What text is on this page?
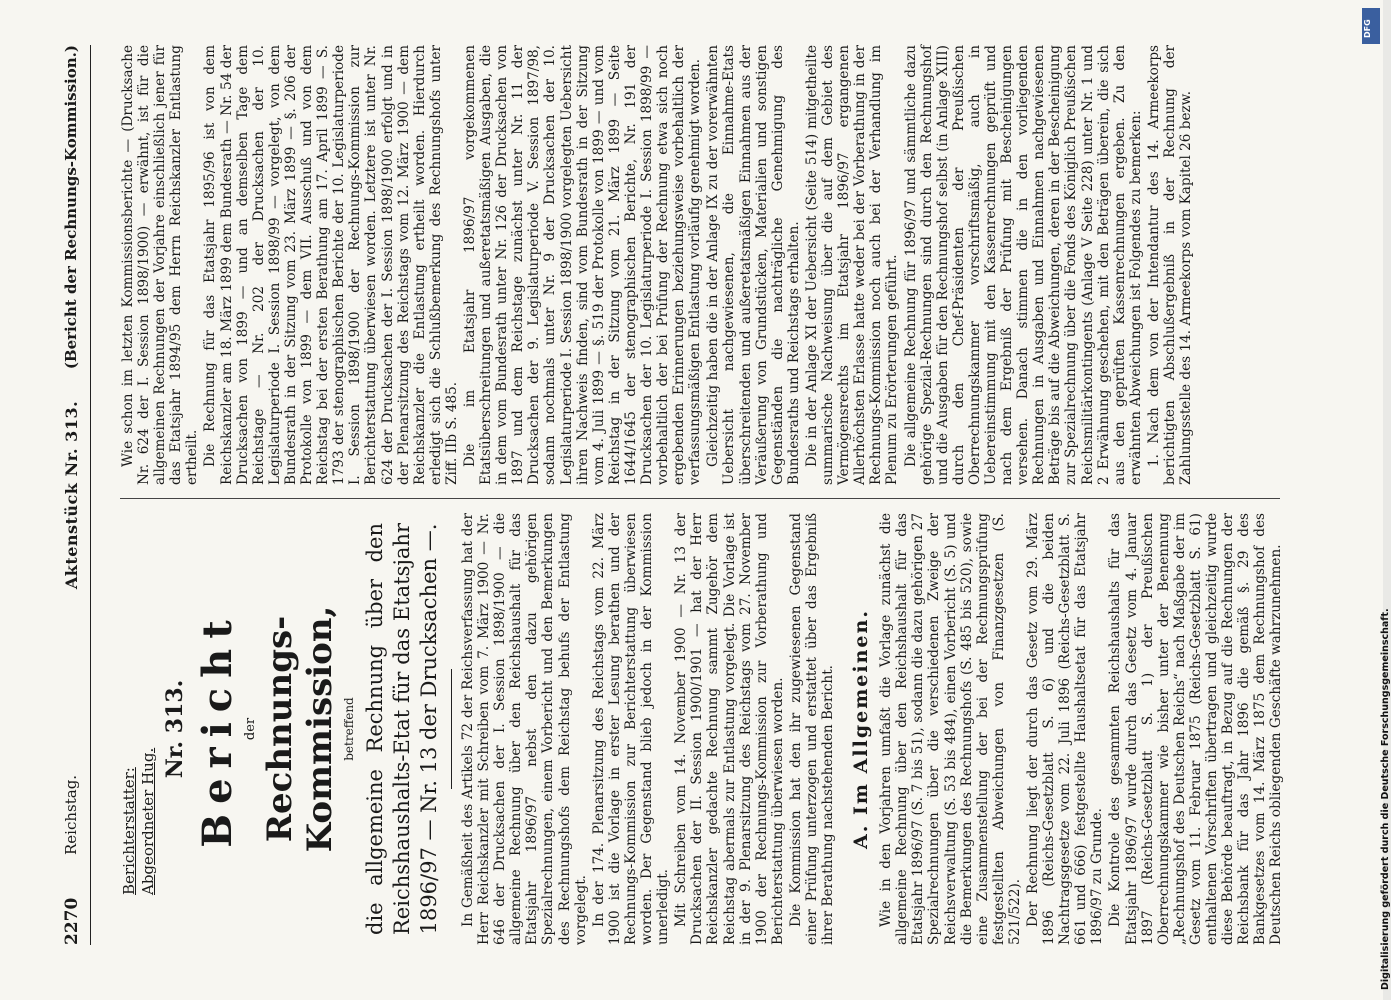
2270
Reichstag.
Aktenstück Nr. 313.
(Bericht der Rechnungs-Kommission.)
Berichterstatter: Abgeordneter Hug.
Nr. 313. Bericht der Rechnungs-Kommission, betreffend die allgemeine Rechnung über den Reichshaushalts-Etat für das Etatsjahr 1896/97 — Nr. 13 der Drucksachen —. In Gemäßheit des Artikels 72 der Reichsverfassung hat der Herr Reichskanzler mit Schreiben vom 7. März 1900 — Nr. 646 der Drucksachen der I. Session 1898/1900 — die allgemeine Rechnung über den Reichshaushalt für das Etatsjahr 1896/97 nebst den dazu gehörigen Spezialrechnungen, einem Vorbericht und den Bemerkungen des Rechnungshofs dem Reichstag behufs der Entlastung vorgelegt. In der 174. Plenarsitzung des Reichstags vom 22. März 1900 ist die Vorlage in erster Lesung berathen und der Rechnungs-Kommission zur Berichterstattung überwiesen worden. Der Gegenstand blieb jedoch in der Kommission unerledigt. Mit Schreiben vom 14. November 1900 — Nr. 13 der Drucksachen der II. Session 1900/1901 — hat der Herr Reichskanzler gedachte Rechnung sammt Zugehör dem Reichstag abermals zur Entlastung vorgelegt. Die Vorlage ist in der 9. Plenarsitzung des Reichstags vom 27. November 1900 der Rechnungs-Kommission zur Vorberathung und Berichterstattung überwiesen worden. Die Kommission hat den ihr zugewiesenen Gegenstand einer Prüfung unterzogen und erstattet über das Ergebniß ihrer Berathung nachstehenden Bericht. A. Im Allgemeinen. Wie in den Vorjahren umfaßt die Vorlage zunächst die allgemeine Rechnung über den Reichshaushalt für das Etatsjahr 1896/97 (S. 7 bis 51), sodann die dazu gehörigen 27 Spezialrechnungen über die verschiedenen Zweige der Reichsverwaltung (S. 53 bis 484), einen Vorbericht (S. 5) und die Bemerkungen des Rechnungshofs (S. 485 bis 520), sowie eine Zusammenstellung der bei der Rechnungsprüfung festgestellten Abweichungen von Finanzgesetzen (S. 521/522). Der Rechnung liegt der durch das Gesetz vom 29. März 1896 (Reichs-Gesetzblatt S. 6) und die beiden Nachtragsgesetze vom 22. Juli 1896 (Reichs-Gesetzblatt S. 661 und 666) festgestellte Haushaltsetat für das Etatsjahr 1896/97 zu Grunde. Die Kontrole des gesammten Reichshaushalts für das Etatsjahr 1896/97 wurde durch das Gesetz vom 4. Januar 1897 (Reichs-Gesetzblatt S. 1) der Preußischen Oberrechnungskammer wie bisher unter der Benennung „Rechnungshof des Deutschen Reichs“ nach Maßgabe der im Gesetz vom 11. Februar 1875 (Reichs-Gesetzblatt S. 61) enthaltenen Vorschriften übertragen und gleichzeitig wurde diese Behörde beauftragt, in Bezug auf die Rechnungen der Reichsbank für das Jahr 1896 die gemäß §. 29 des Bankgesetzes vom 14. März 1875 dem Rechnungshof des Deutschen Reichs obliegenden Geschäfte wahrzunehmen.

Wie schon im letzten Kommissionsberichte — (Drucksache Nr. 624 der I. Session 1898/1900) — erwähnt, ist für die allgemeinen Rechnungen der Vorjahre einschließlich jener für das Etatsjahr 1894/95 dem Herrn Reichskanzler Entlastung ertheilt. Die Rechnung für das Etatsjahr 1895/96 ist von dem Reichskanzler am 18. März 1899 dem Bundesrath — Nr. 54 der Drucksachen von 1899 — und an demselben Tage dem Reichstage — Nr. 202 der Drucksachen der 10. Legislaturperiode I. Session 1898/99 — vorgelegt, von dem Bundesrath in der Sitzung vom 23. März 1899 — §. 206 der Protokolle von 1899 — dem VII. Ausschuß und von dem Reichstag bei der ersten Berathung am 17. April 1899 — S. 1793 der stenographischen Berichte der 10. Legislaturperiode I. Session 1898/1900 der Rechnungs-Kommission zur Berichterstattung überwiesen worden. Letztere ist unter Nr. 624 der Drucksachen der I. Session 1898/1900 erfolgt und in der Plenarsitzung des Reichstags vom 12. März 1900 — dem Reichskanzler die Entlastung ertheilt worden. Hierdurch erledigt sich die Schlußbemerkung des Rechnungshofs unter Ziff. IIb S. 485. Die im Etatsjahr 1896/97 vorgekommenen Etatsüberschreitungen und außeretatsmäßigen Ausgaben, die in dem vom Bundesrath unter Nr. 126 der Drucksachen von 1897 und dem Reichstage zunächst unter Nr. 11 der Drucksachen der 9. Legislaturperiode V. Session 1897/98, sodann nochmals unter Nr. 9 der Drucksachen der 10. Legislaturperiode I. Session 1898/1900 vorgelegten Uebersicht ihren Nachweis finden, sind vom Bundesrath in der Sitzung vom 4. Juli 1899 — §. 519 der Protokolle von 1899 — und vom Reichstag in der Sitzung vom 21. März 1899 — Seite 1644/1645 der stenographischen Berichte, Nr. 191 der Drucksachen der 10. Legislaturperiode I. Session 1898/99 — vorbehaltlich der bei Prüfung der Rechnung etwa sich noch ergebenden Erinnerungen beziehungsweise vorbehaltlich der verfassungsmäßigen Entlastung vorläufig genehmigt worden. Gleichzeitig haben die in der Anlage IX zu der vorerwähnten Uebersicht nachgewiesenen, die Einnahme-Etats überschreitenden und außeretatsmäßigen Einnahmen aus der Veräußerung von Grundstücken, Materialien und sonstigen Gegenständen die nachträgliche Genehmigung des Bundesraths und Reichstags erhalten. Die in der Anlage XI der Uebersicht (Seite 514) mitgetheilte summarische Nachweisung über die auf dem Gebiet des Vermögensrechts im Etatsjahr 1896/97 ergangenen Allerhöchsten Erlasse hatte weder bei der Vorberathung in der Rechnungs-Kommission noch auch bei der Verhandlung im Plenum zu Erörterungen geführt. Die allgemeine Rechnung für 1896/97 und sämmtliche dazu gehörige Spezial-Rechnungen sind durch den Rechnungshof und die Ausgaben für den Rechnungshof selbst (in Anlage XIII) durch den Chef-Präsidenten der Preußischen Oberrechnungskammer vorschriftsmäßig, auch in Uebereinstimmung mit den Kassenrechnungen geprüft und nach dem Ergebniß der Prüfung mit Bescheinigungen versehen. Danach stimmen die in den vorliegenden Rechnungen in Ausgaben und Einnahmen nachgewiesenen Beträge bis auf die Abweichungen, deren in der Bescheinigung zur Spezialrechnung über die Fonds des Königlich Preußischen Reichsmilitärkontingents (Anlage V Seite 228) unter Nr. 1 und 2 Erwähnung geschehen, mit den Beträgen überein, die sich aus den geprüften Kassenrechnungen ergeben. Zu den erwähnten Abweichungen ist Folgendes zu bemerken: 1. Nach dem von der Intendantur des 14. Armeekorps berichtigten Abschlußergebniß in der Rechnung der Zahlungsstelle des 14. Armeekorps vom Kapitel 26 bezw.

DFG
Digitalisierung gefördert durch die Deutsche Forschungsgemeinschaft.
